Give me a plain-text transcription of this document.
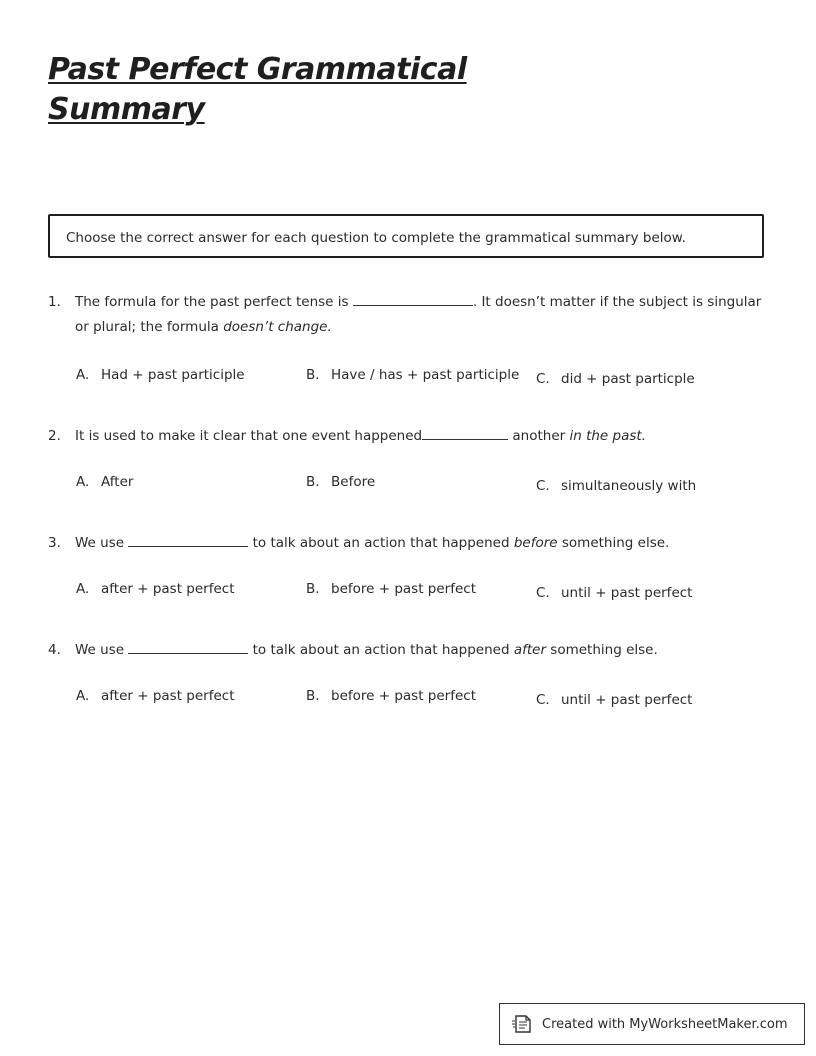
Past Perfect Grammatical
Summary
Choose the correct answer for each question to complete the grammatical summary below.
1. The formula for the past perfect tense is	. It doesn’t matter if the subject is singular
or plural; the formula doesn’t change.
A. Had + past participle	B. Have / has + past participle C. did + past particple
2. It is used to make it clear that one event happened	another in the past.
A. After	B. Before	C. simultaneously with
3. We use	to talk about an action that happened before something else.
A. after + past perfect	B. before + past perfect	C. until + past perfect
4. We use	to talk about an action that happened after something else.
A. after + past perfect	B. before + past perfect	C. until + past perfect
Created with MyWorksheetMaker.com
